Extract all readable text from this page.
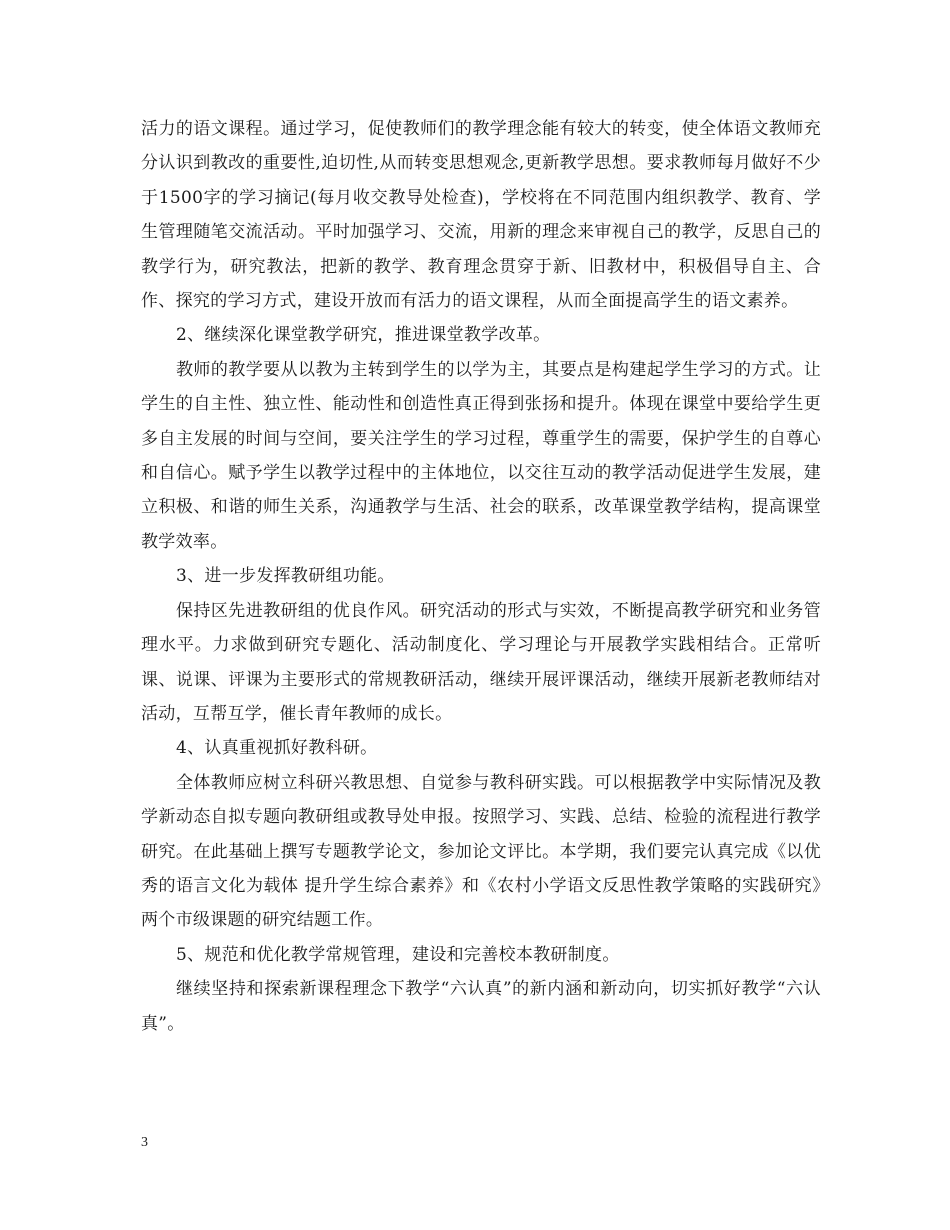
活力的语文课程。通过学习，促使教师们的教学理念能有较大的转变，使全体语文教师充分认识到教改的重要性,迫切性,从而转变思想观念,更新教学思想。要求教师每月做好不少于1500字的学习摘记(每月收交教导处检查)，学校将在不同范围内组织教学、教育、学生管理随笔交流活动。平时加强学习、交流，用新的理念来审视自己的教学，反思自己的教学行为，研究教法，把新的教学、教育理念贯穿于新、旧教材中，积极倡导自主、合作、探究的学习方式，建设开放而有活力的语文课程，从而全面提高学生的语文素养。

2、继续深化课堂教学研究，推进课堂教学改革。

教师的教学要从以教为主转到学生的以学为主，其要点是构建起学生学习的方式。让学生的自主性、独立性、能动性和创造性真正得到张扬和提升。体现在课堂中要给学生更多自主发展的时间与空间，要关注学生的学习过程，尊重学生的需要，保护学生的自尊心和自信心。赋予学生以教学过程中的主体地位，以交往互动的教学活动促进学生发展，建立积极、和谐的师生关系，沟通教学与生活、社会的联系，改革课堂教学结构，提高课堂教学效率。

3、进一步发挥教研组功能。

保持区先进教研组的优良作风。研究活动的形式与实效，不断提高教学研究和业务管理水平。力求做到研究专题化、活动制度化、学习理论与开展教学实践相结合。正常听课、说课、评课为主要形式的常规教研活动，继续开展评课活动，继续开展新老教师结对活动，互帮互学，催长青年教师的成长。

4、认真重视抓好教科研。

全体教师应树立科研兴教思想、自觉参与教科研实践。可以根据教学中实际情况及教学新动态自拟专题向教研组或教导处申报。按照学习、实践、总结、检验的流程进行教学研究。在此基础上撰写专题教学论文，参加论文评比。本学期，我们要完认真完成《以优秀的语言文化为载体 提升学生综合素养》和《农村小学语文反思性教学策略的实践研究》两个市级课题的研究结题工作。

5、规范和优化教学常规管理，建设和完善校本教研制度。

继续坚持和探索新课程理念下教学“六认真”的新内涵和新动向，切实抓好教学“六认真”。

3
